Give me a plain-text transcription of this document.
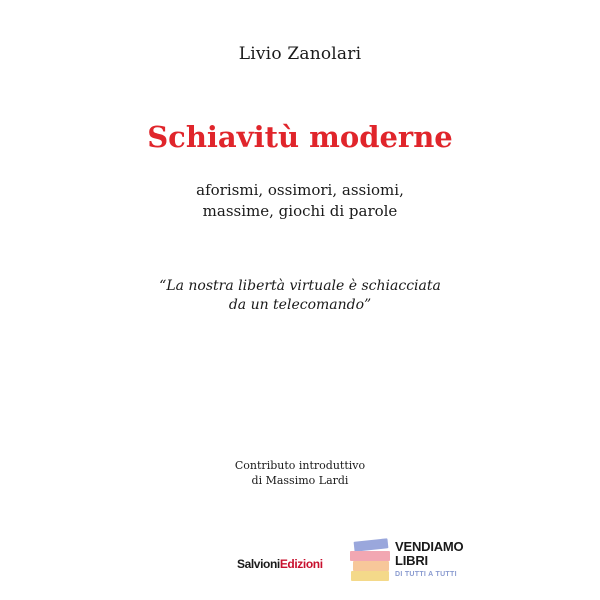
Livio Zanolari
Schiavitù moderne
aforismi, ossimori, assiomi,
massime, giochi di parole
“La nostra libertà virtuale è schiacciata
da un telecomando”
Contributo introduttivo
di Massimo Lardi
SalvioniEdizioni
VENDIAMO
LIBRI
DI TUTTI A TUTTI
